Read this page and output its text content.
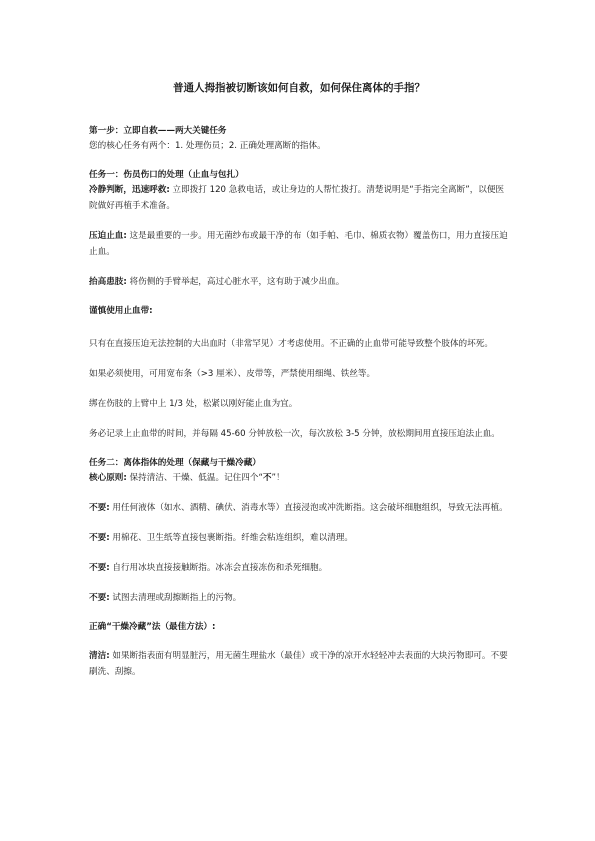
普通人拇指被切断该如何自救，如何保住离体的手指？
第一步：立即自救——两大关键任务
您的核心任务有两个：1. 处理伤员；2. 正确处理离断的指体。
任务一：伤员伤口的处理（止血与包扎）
冷静判断，迅速呼救: 立即拨打 120 急救电话，或让身边的人帮忙拨打。清楚说明是“手指完全离断”，以便医院做好再植手术准备。
压迫止血: 这是最重要的一步。用无菌纱布或最干净的布（如手帕、毛巾、棉质衣物）覆盖伤口，用力直接压迫止血。
抬高患肢: 将伤侧的手臂举起，高过心脏水平，这有助于减少出血。
谨慎使用止血带:
只有在直接压迫无法控制的大出血时（非常罕见）才考虑使用。不正确的止血带可能导致整个肢体的坏死。
如果必须使用，可用宽布条（>3 厘米）、皮带等，严禁使用细绳、铁丝等。
绑在伤肢的上臂中上 1/3 处，松紧以刚好能止血为宜。
务必记录上止血带的时间，并每隔 45-60 分钟放松一次，每次放松 3-5 分钟，放松期间用直接压迫法止血。
任务二：离体指体的处理（保藏与干燥冷藏）
核心原则: 保持清洁、干燥、低温。记住四个“不”！
不要: 用任何液体（如水、酒精、碘伏、消毒水等）直接浸泡或冲洗断指。这会破坏细胞组织，导致无法再植。
不要: 用棉花、卫生纸等直接包裹断指。纤维会粘连组织，难以清理。
不要: 自行用冰块直接接触断指。冰冻会直接冻伤和杀死细胞。
不要: 试图去清理或刮擦断指上的污物。
正确“干燥冷藏”法（最佳方法）:
清洁: 如果断指表面有明显脏污，用无菌生理盐水（最佳）或干净的凉开水轻轻冲去表面的大块污物即可。不要刷洗、刮擦。
